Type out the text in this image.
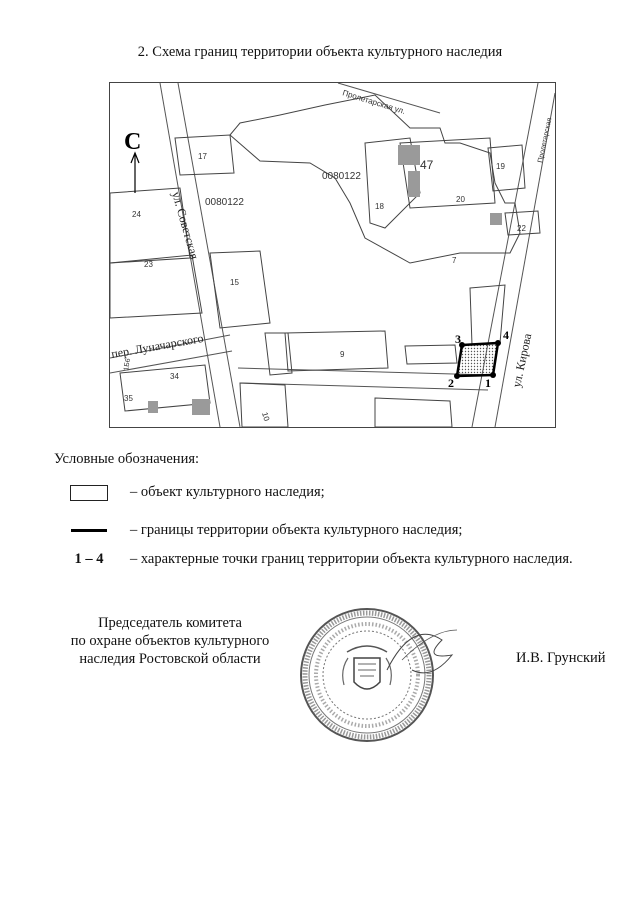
2. Схема границ территории объекта культурного наследия
С
Пролетарская ул.
ул. Советская
пер. Луначарского	ул. Кирова
Пролетарская
0080122
0080122
17
47	19
20
18
24
22
23	7
15
9
34
35
10
1Б6
1
2
3	4
Условные обозначения:
– объект культурного наследия;
– границы территории объекта культурного наследия;
1 – 4 – характерные точки границ территории объекта культурного наследия.
Председатель комитета
по охране объектов культурного
наследия Ростовской области	И.В. Грунский
